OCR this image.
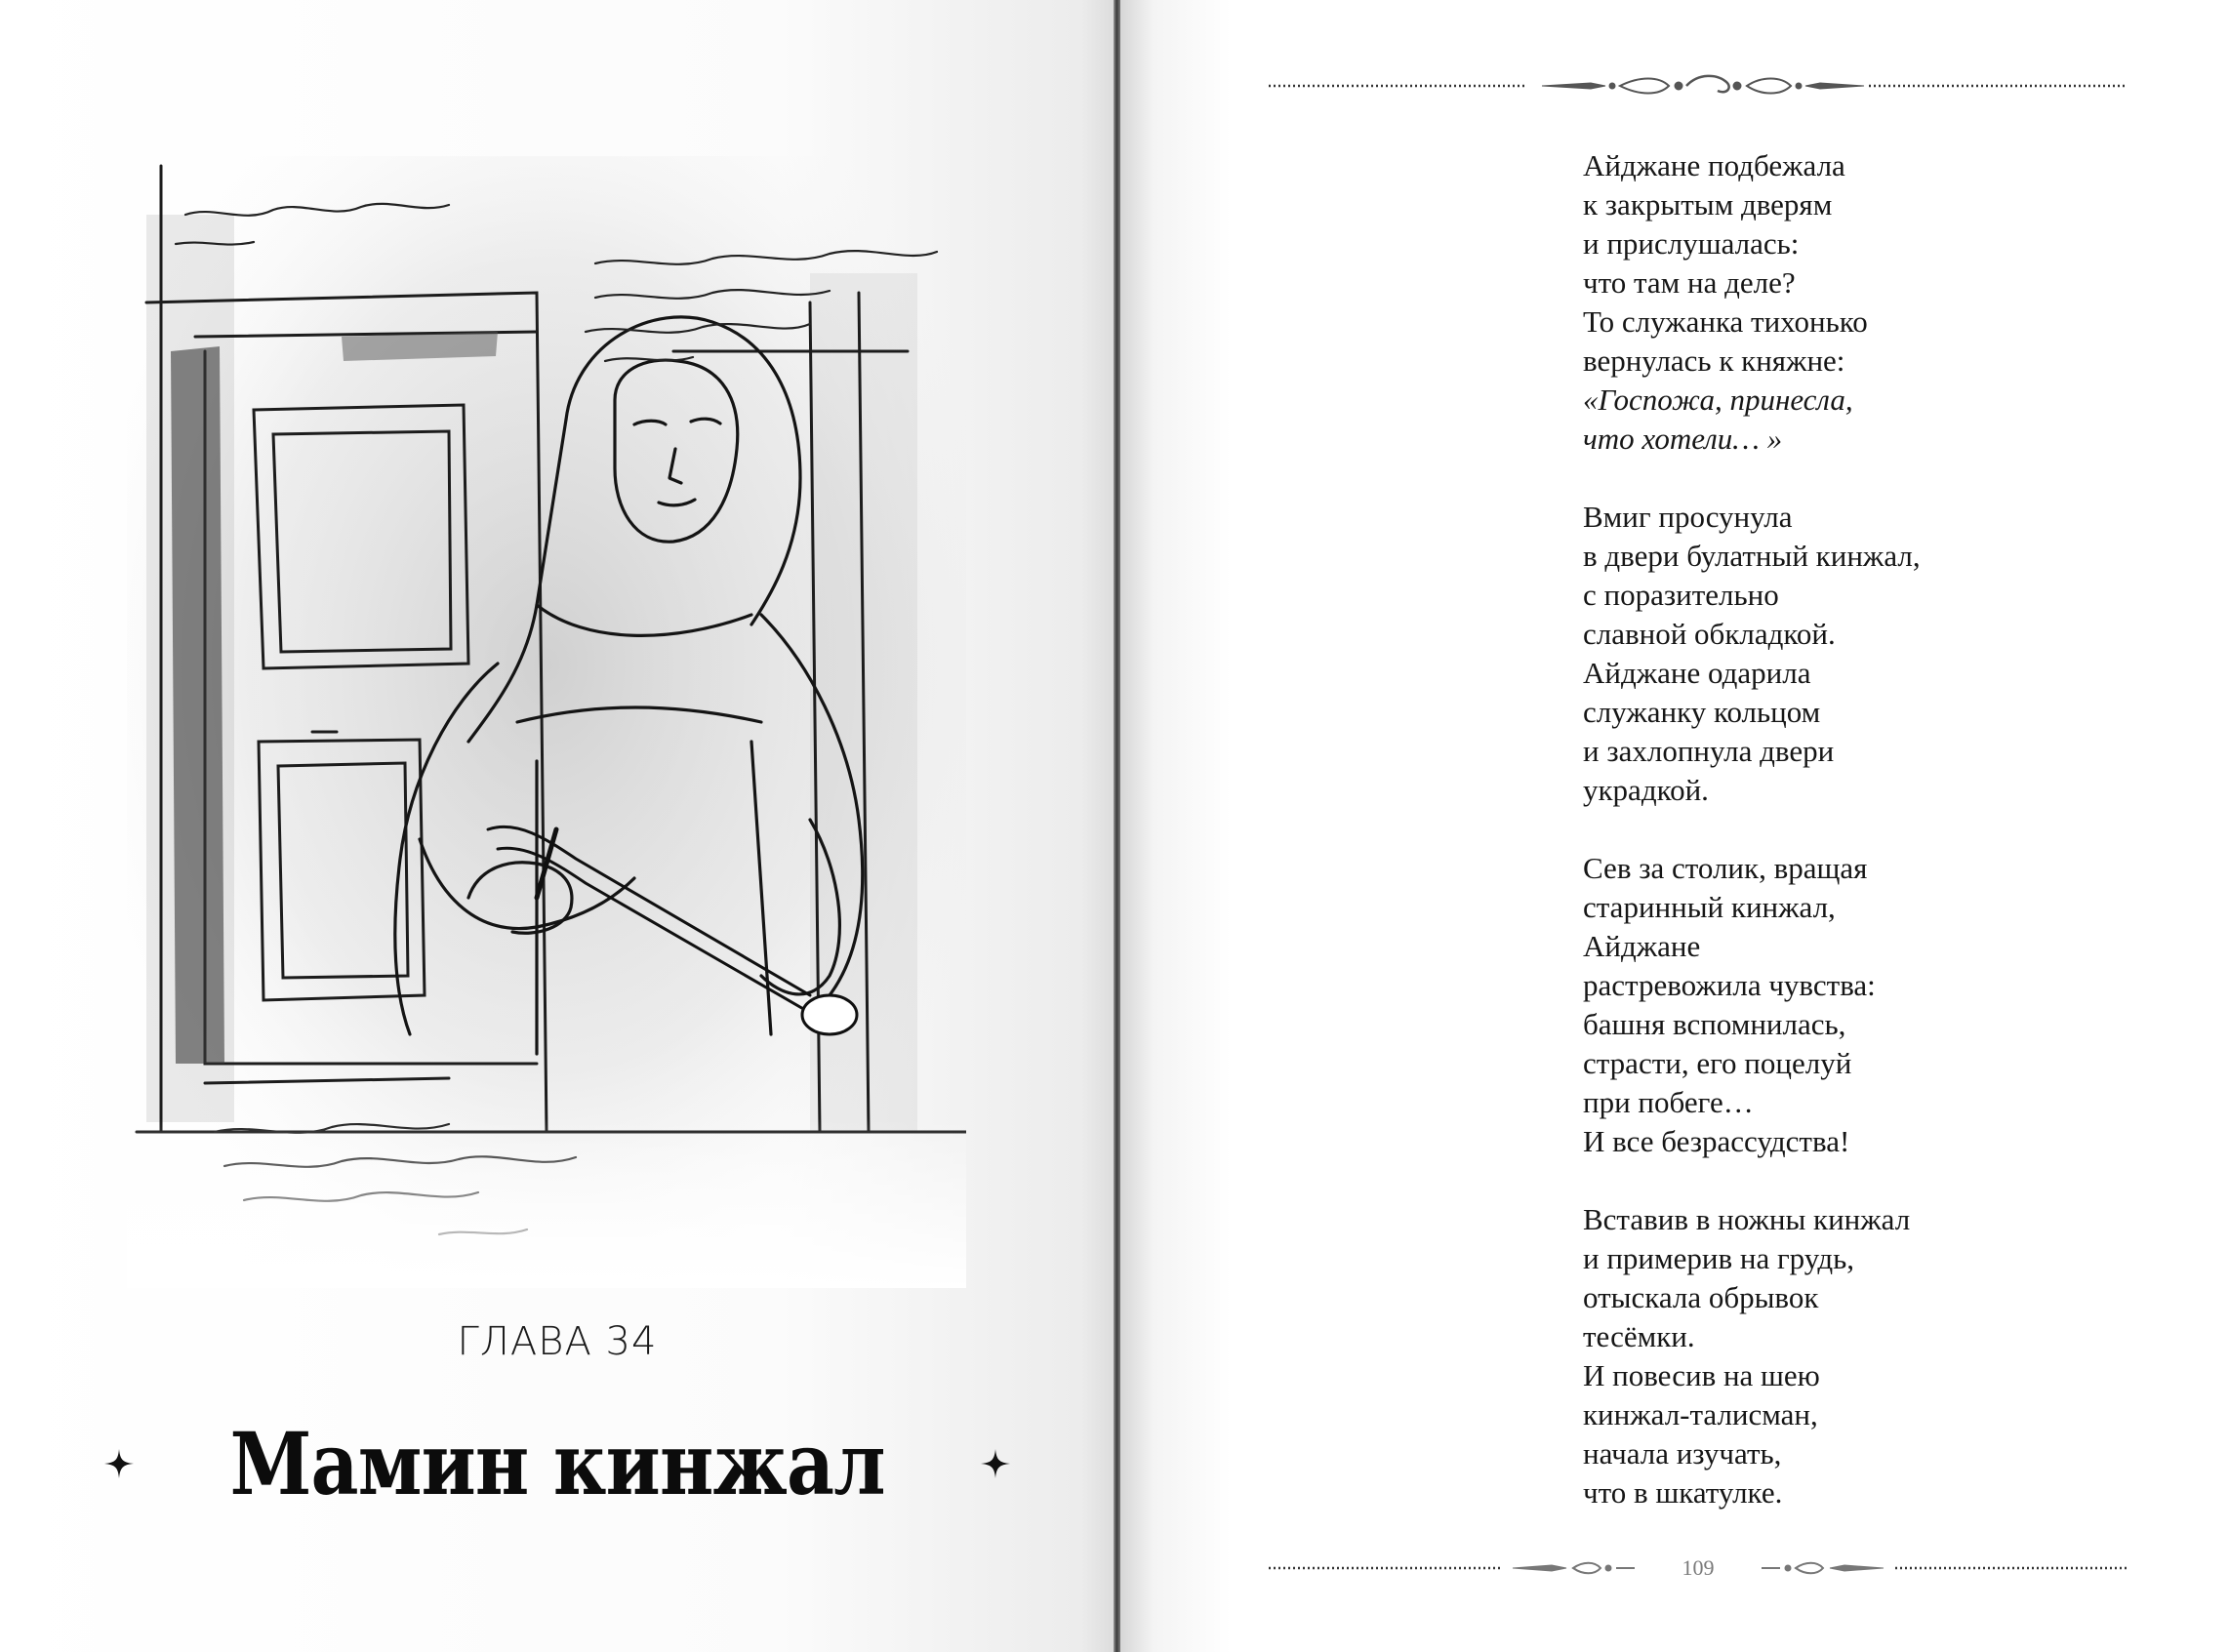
ГЛАВА 34
Мамин кинжал
Айджане подбежала
к закрытым дверям
и прислушалась:
что там на деле?
То служанка тихонько
вернулась к княжне:
«Госпожа, принесла,
что хотели… »
Вмиг просунула
в двери булатный кинжал,
с поразительно
славной обкладкой.
Айджане одарила
служанку кольцом
и захлопнула двери
украдкой.
Сев за столик, вращая
старинный кинжал,
Айджане
растревожила чувства:
башня вспомнилась,
страсти, его поцелуй
при побеге…
И все безрассудства!
Вставив в ножны кинжал
и примерив на грудь,
отыскала обрывок
тесёмки.
И повесив на шею
кинжал-талисман,
начала изучать,
что в шкатулке.
109
